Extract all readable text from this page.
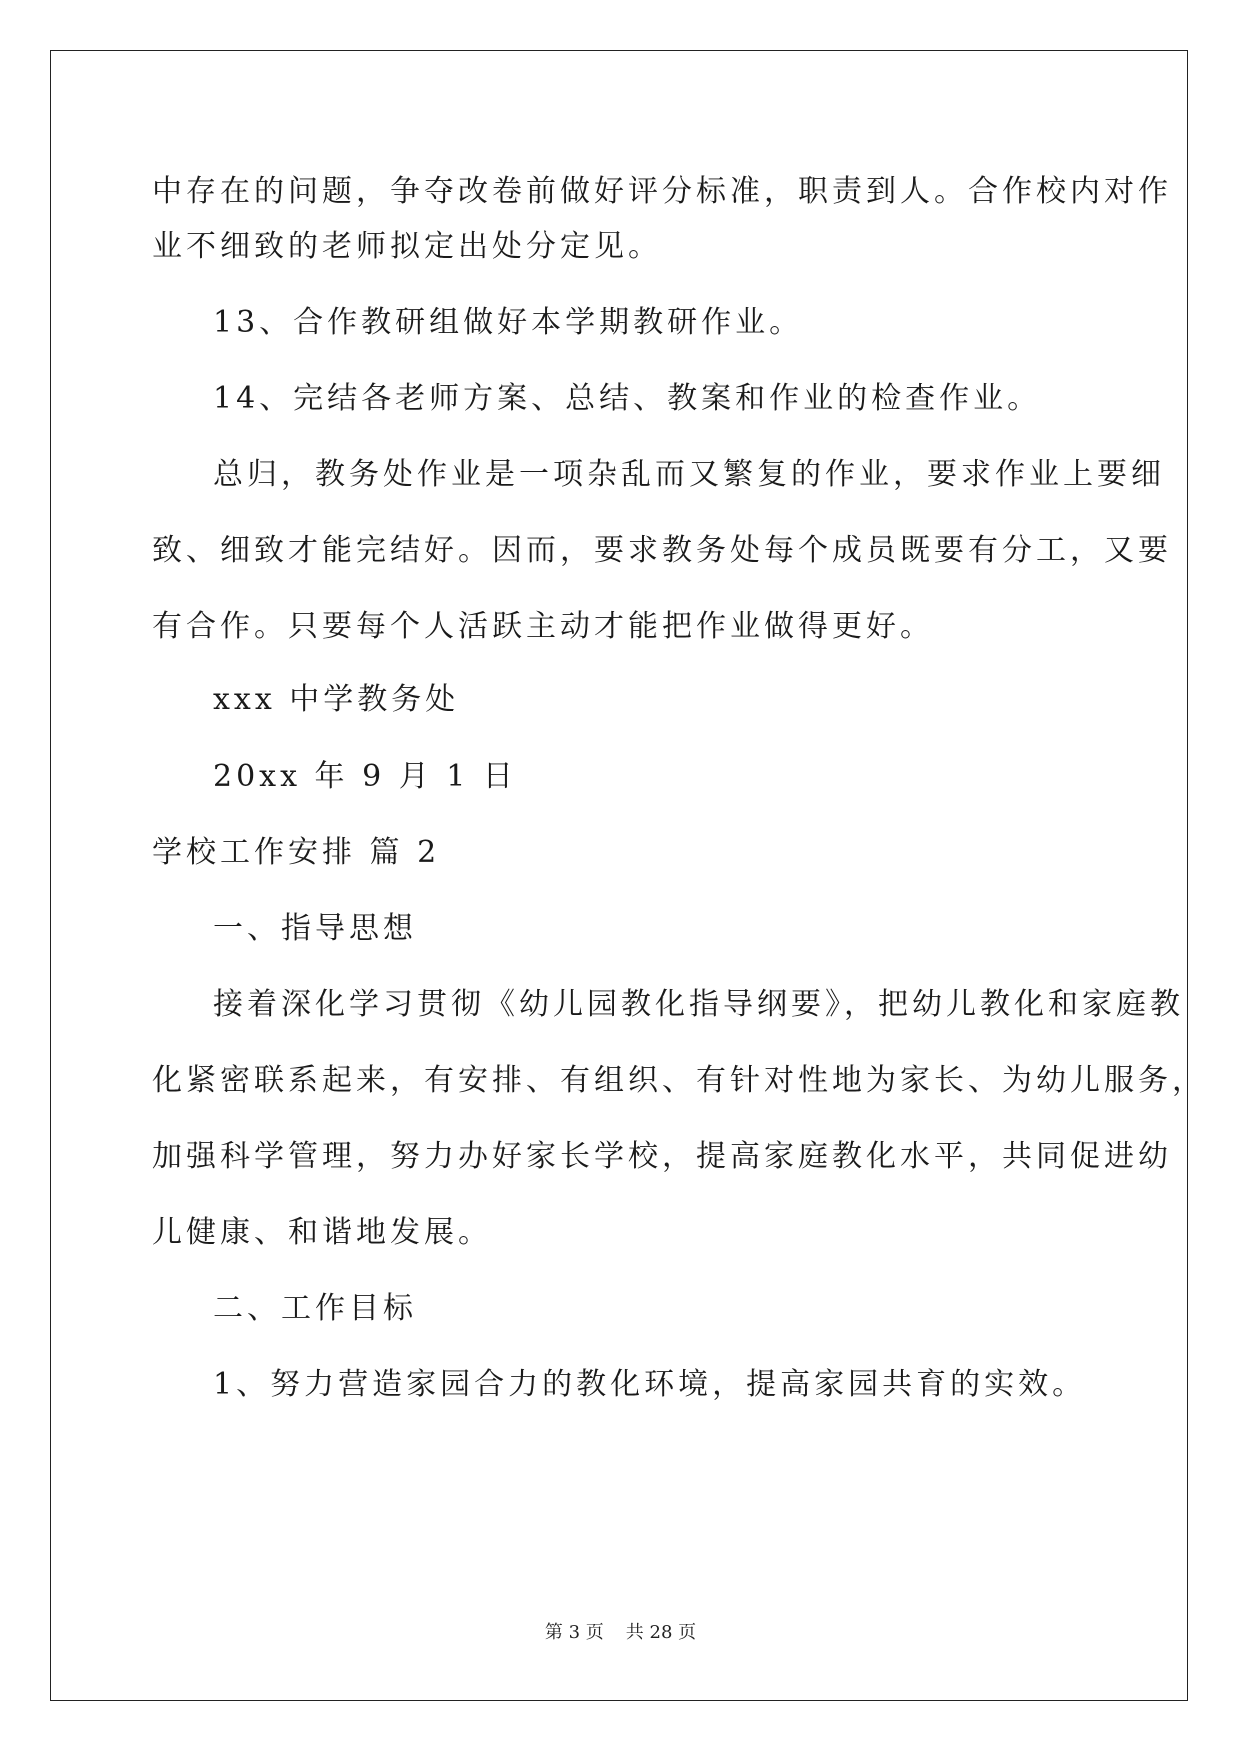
中存在的问题，争夺改卷前做好评分标准，职责到人。合作校内对作
业不细致的老师拟定出处分定见。
13、合作教研组做好本学期教研作业。
14、完结各老师方案、总结、教案和作业的检查作业。
总归，教务处作业是一项杂乱而又繁复的作业，要求作业上要细
致、细致才能完结好。因而，要求教务处每个成员既要有分工，又要
有合作。只要每个人活跃主动才能把作业做得更好。
xxx 中学教务处
20xx 年 9 月 1 日
学校工作安排 篇 2
一、指导思想
接着深化学习贯彻《幼儿园教化指导纲要》，把幼儿教化和家庭教
化紧密联系起来，有安排、有组织、有针对性地为家长、为幼儿服务，
加强科学管理，努力办好家长学校，提高家庭教化水平，共同促进幼
儿健康、和谐地发展。
二、工作目标
1、努力营造家园合力的教化环境，提高家园共育的实效。
第 3 页 共 28 页
